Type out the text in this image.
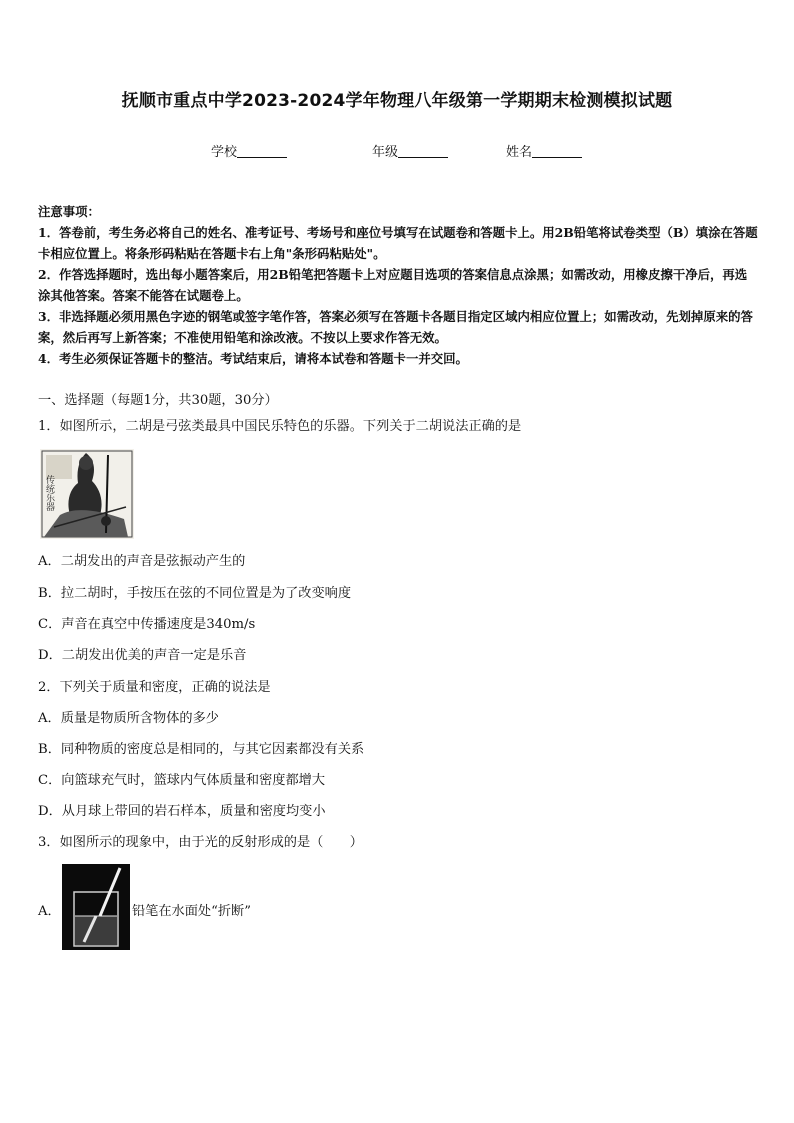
抚顺市重点中学2023-2024学年物理八年级第一学期期末检测模拟试题
学校	年级	姓名
注意事项：
1．答卷前，考生务必将自己的姓名、准考证号、考场号和座位号填写在试题卷和答题卡上。用2B铅笔将试卷类型（B）填涂在答题卡相应位置上。将条形码粘贴在答题卡右上角"条形码粘贴处"。
2．作答选择题时，选出每小题答案后，用2B铅笔把答题卡上对应题目选项的答案信息点涂黑；如需改动，用橡皮擦干净后，再选涂其他答案。答案不能答在试题卷上。
3．非选择题必须用黑色字迹的钢笔或签字笔作答，答案必须写在答题卡各题目指定区域内相应位置上；如需改动，先划掉原来的答案，然后再写上新答案；不准使用铅笔和涂改液。不按以上要求作答无效。
4．考生必须保证答题卡的整洁。考试结束后，请将本试卷和答题卡一并交回。
一、选择题（每题1分，共30题，30分）
1．如图所示，二胡是弓弦类最具中国民乐特色的乐器。下列关于二胡说法正确的是
传统乐器
A．二胡发出的声音是弦振动产生的
B．拉二胡时，手按压在弦的不同位置是为了改变响度
C．声音在真空中传播速度是340m/s
D．二胡发出优美的声音一定是乐音
2．下列关于质量和密度，正确的说法是
A．质量是物质所含物体的多少
B．同种物质的密度总是相同的，与其它因素都没有关系
C．向篮球充气时，篮球内气体质量和密度都增大
D．从月球上带回的岩石样本，质量和密度均变小
3．如图所示的现象中，由于光的反射形成的是（　　）
A．	铅笔在水面处“折断”
